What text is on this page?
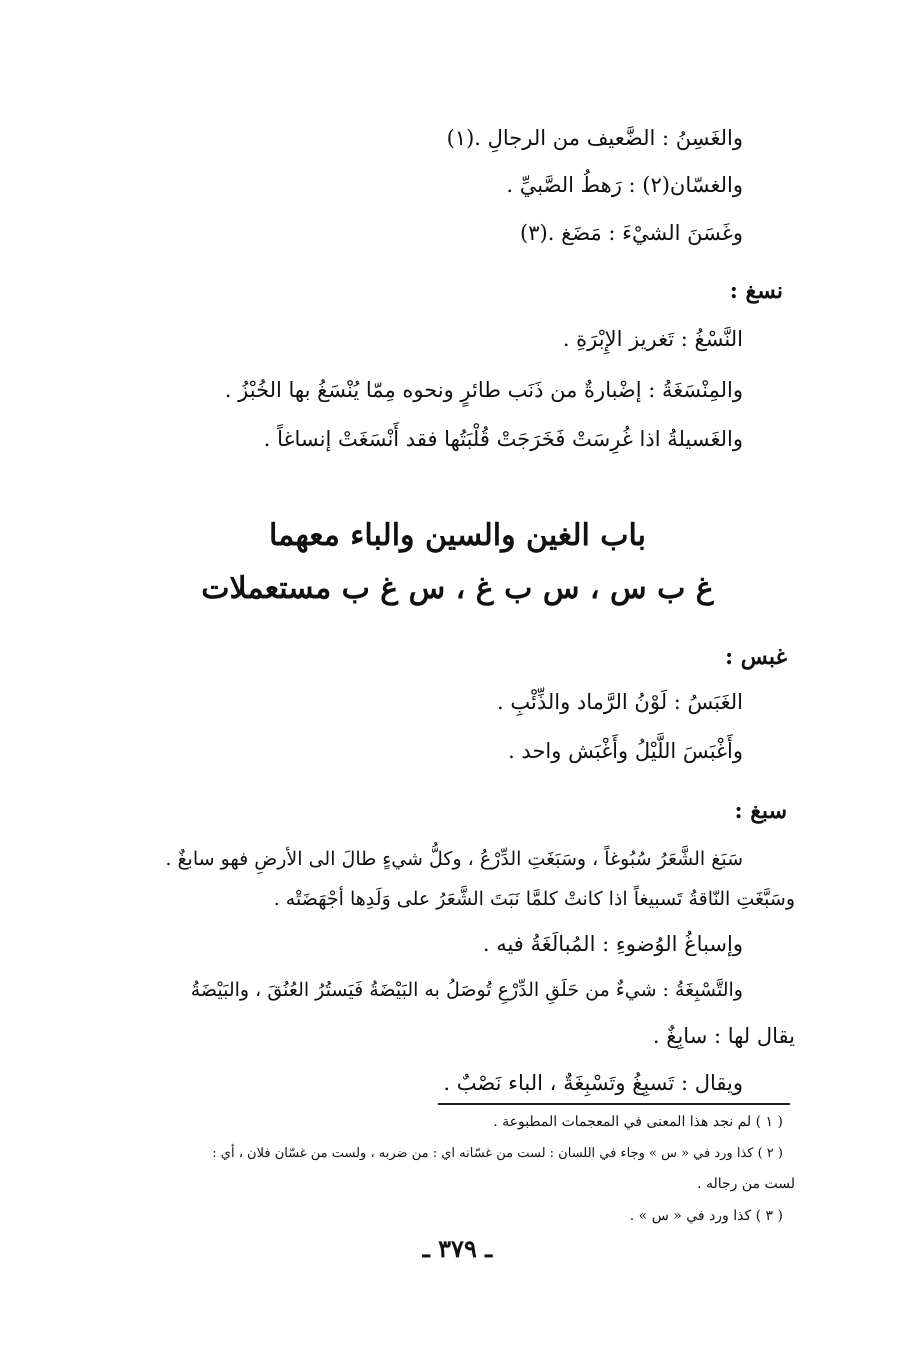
والغَسِنُ : الضَّعيف من الرجالِ .(١)
والغسّان(٢) : رَهطُ الصَّبيِّ .
وغَسَنَ الشيْءَ : مَضَغ .(٣)
نسغ :
النَّسْغُ : تَغريز الإِبْرَةِ .
والمِنْسَغَةُ : إضْبارةٌ من ذَنَب طائرٍ ونحوه مِمّا يُنْسَغُ بها الخُبْزُ .
والغَسيلةُ اذا غُرِسَتْ فَخَرَجَتْ قُلْبَتُها فقد أَنْسَغَتْ إنساغاً .
باب الغين والسين والباء معهما
غ ب س ، س ب غ ، س غ ب مستعملات
غبس :
الغَبَسُ : لَوْنُ الرَّماد والذِّئْبِ .
وأَغْبَسَ اللَّيْلُ وأَغْبَش واحد .
سبغ :
سَبَغ الشَّعَرُ سُبُوغاً ، وسَبَغَتِ الدِّرْعُ ، وكلُّ شيءٍ طالَ الى الأرضِ فهو سابغٌ .
وسَبَّغَتِ النّاقةُ تَسبيغاً اذا كانتْ كلمَّا نَبَتَ الشَّعَرُ على وَلَدِها أجْهَضَتْه .
وإسباغُ الوُضوءِ : المُبالَغَةُ فيه .
والتَّسْبِغَةُ : شيءٌ من حَلَقِ الدِّرْعِ تُوصَلُ به البَيْضَةُ فَيَستُرُ العُنُقَ ، والبَيْضَةُ
يقال لها : سابِغٌ .
ويقال : تَسبِغُ وتَسْبِغَةٌ ، الباء نَصْبٌ .
( ١ ) لم نجد هذا المعنى في المعجمات المطبوعة .
( ٢ ) كذا ورد في « س » وجاء في اللسان : لست من غسّانه اي : من ضربه ، ولست من غسّان فلان ، أي :
لست من رجاله .
( ٣ ) كذا ورد في « س » .
ـ ٣٧٩ ـ
